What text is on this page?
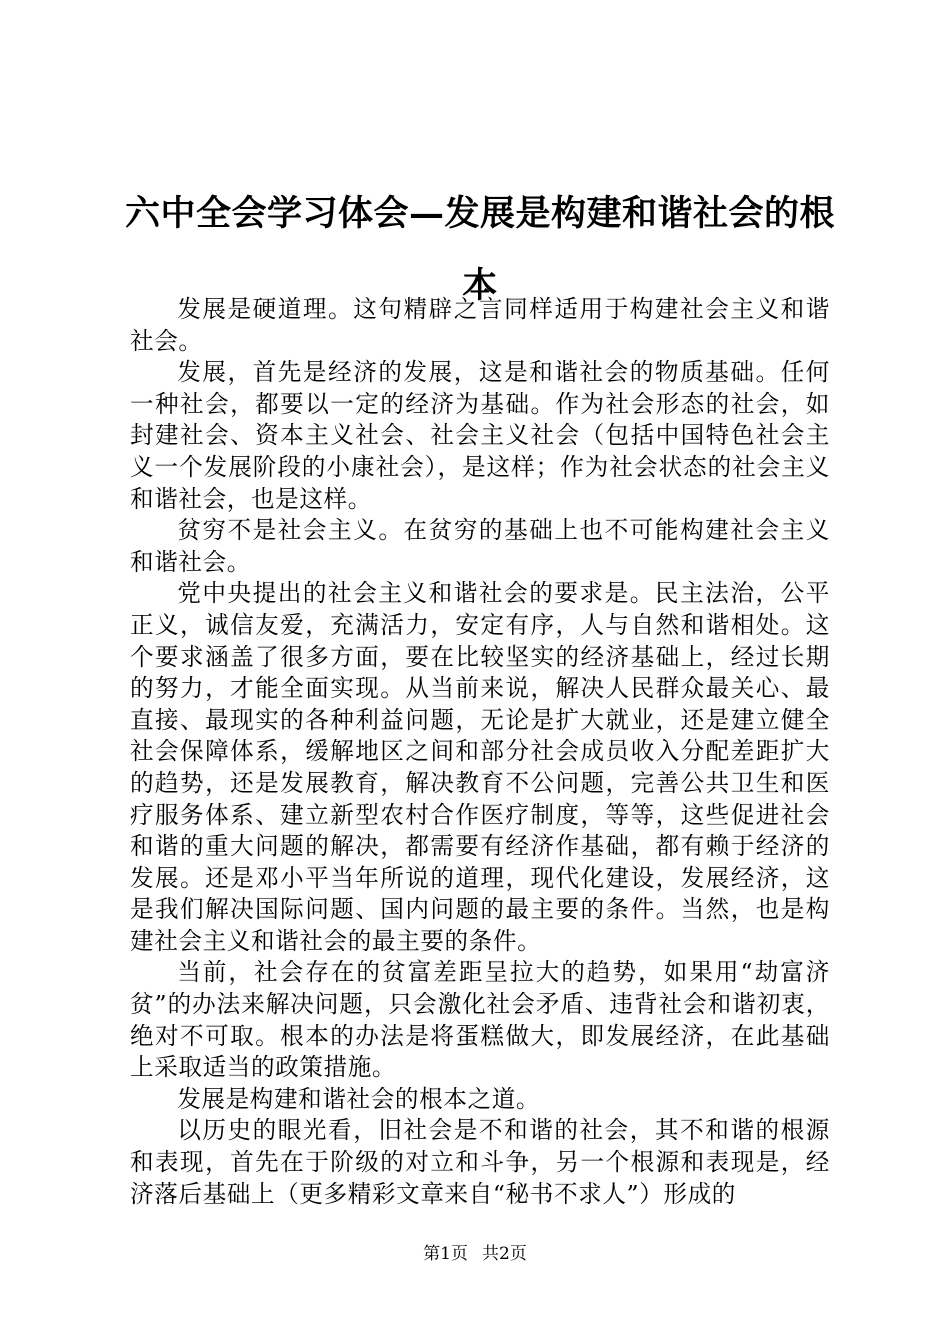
六中全会学习体会—发展是构建和谐社会的根本

发展是硬道理。这句精辟之言同样适用于构建社会主义和谐社会。

发展，首先是经济的发展，这是和谐社会的物质基础。任何一种社会，都要以一定的经济为基础。作为社会形态的社会，如封建社会、资本主义社会、社会主义社会（包括中国特色社会主义一个发展阶段的小康社会），是这样；作为社会状态的社会主义和谐社会，也是这样。

贫穷不是社会主义。在贫穷的基础上也不可能构建社会主义和谐社会。

党中央提出的社会主义和谐社会的要求是。民主法治，公平正义，诚信友爱，充满活力，安定有序，人与自然和谐相处。这个要求涵盖了很多方面，要在比较坚实的经济基础上，经过长期的努力，才能全面实现。从当前来说，解决人民群众最关心、最直接、最现实的各种利益问题，无论是扩大就业，还是建立健全社会保障体系，缓解地区之间和部分社会成员收入分配差距扩大的趋势，还是发展教育，解决教育不公问题，完善公共卫生和医疗服务体系、建立新型农村合作医疗制度，等等，这些促进社会和谐的重大问题的解决，都需要有经济作基础，都有赖于经济的发展。还是邓小平当年所说的道理，现代化建设，发展经济，这是我们解决国际问题、国内问题的最主要的条件。当然，也是构建社会主义和谐社会的最主要的条件。

当前，社会存在的贫富差距呈拉大的趋势，如果用“劫富济贫”的办法来解决问题，只会激化社会矛盾、违背社会和谐初衷，绝对不可取。根本的办法是将蛋糕做大，即发展经济，在此基础上采取适当的政策措施。

发展是构建和谐社会的根本之道。

以历史的眼光看，旧社会是不和谐的社会，其不和谐的根源和表现，首先在于阶级的对立和斗争，另一个根源和表现是，经济落后基础上（更多精彩文章来自“秘书不求人”）形成的

第1页 共2页
